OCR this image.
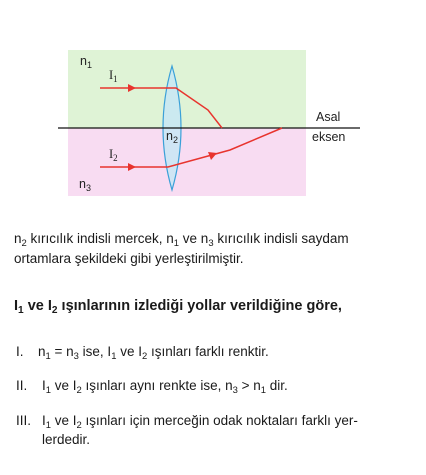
$n_1$
$I_1$
$n_2$
$I_2$
$n_3$
Asal
eksen
$n_2$ kırıcılık indisli mercek, $n_1$ ve $n_3$ kırıcılık indisli saydam
ortamlara şekildeki gibi yerleştirilmiştir.
$I_1$ ve $I_2$ ışınlarının izlediği yollar verildiğine göre,
I. $n_1 = n_3$ ise, $I_1$ ve $I_2$ ışınları farklı renktir.
II. $I_1$ ve $I_2$ ışınları aynı renkte ise, $n_3 > n_1$ dir.
III. $I_1$ ve $I_2$ ışınları için merceğin odak noktaları farklı yer-
lerdedir.
